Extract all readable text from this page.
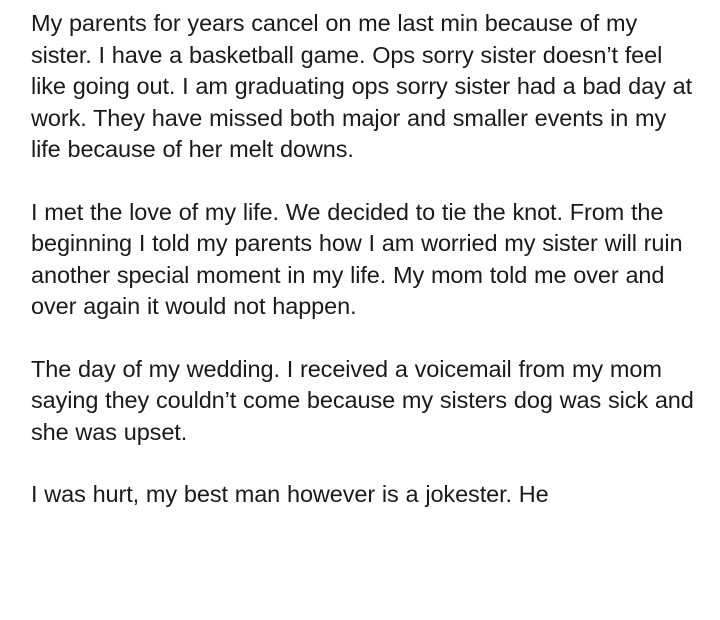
My parents for years cancel on me last min because of my sister. I have a basketball game. Ops sorry sister doesn’t feel like going out. I am graduating ops sorry sister had a bad day at work. They have missed both major and smaller events in my life because of her melt downs.

I met the love of my life. We decided to tie the knot. From the beginning I told my parents how I am worried my sister will ruin another special moment in my life. My mom told me over and over again it would not happen.

The day of my wedding. I received a voicemail from my mom saying they couldn’t come because my sisters dog was sick and she was upset.

I was hurt, my best man however is a jokester. He
